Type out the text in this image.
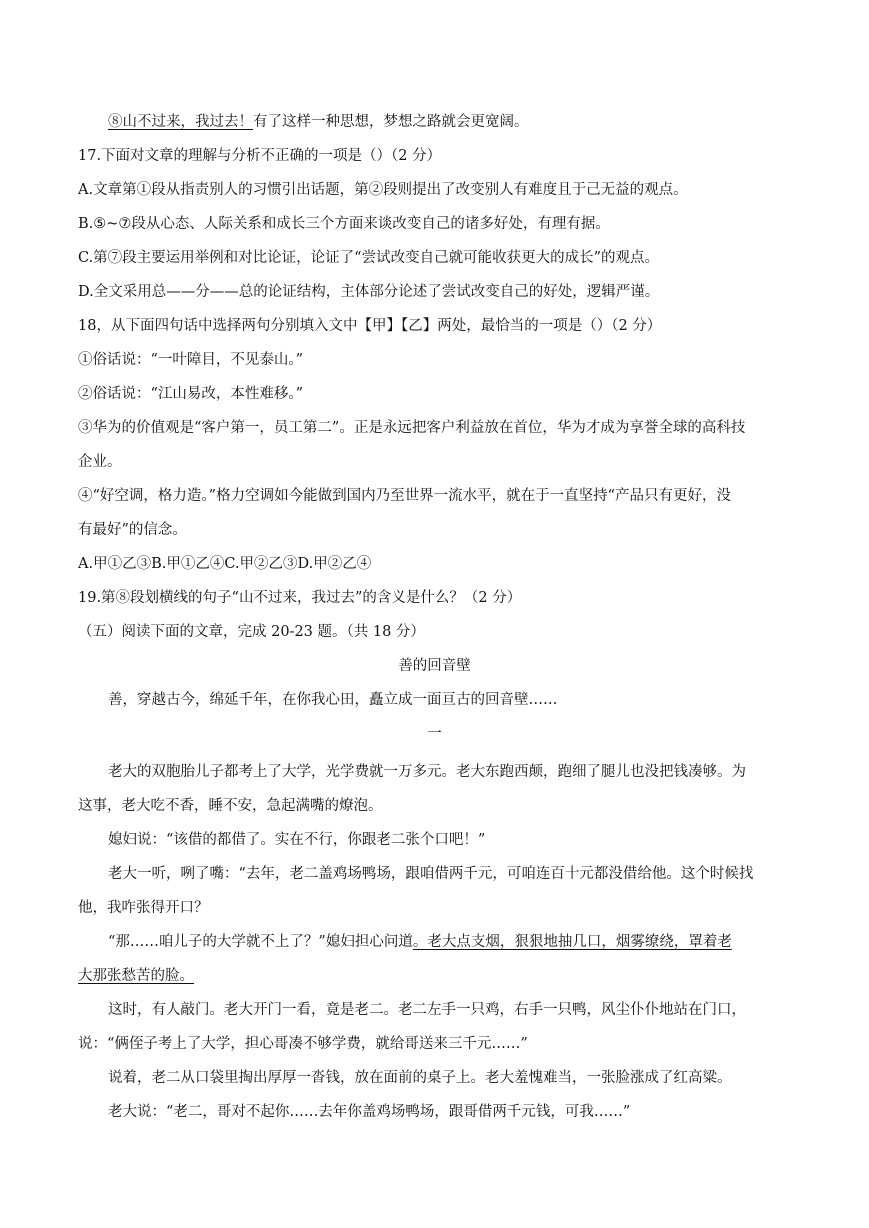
⑧山不过来，我过去！有了这样一种思想，梦想之路就会更宽阔。
17.下面对文章的理解与分析不正确的一项是（）（2 分）
A.文章第①段从指责别人的习惯引出话题，第②段则提出了改变别人有难度且于己无益的观点。
B.⑤~⑦段从心态、人际关系和成长三个方面来谈改变自己的诸多好处，有理有据。
C.第⑦段主要运用举例和对比论证，论证了“尝试改变自己就可能收获更大的成长”的观点。
D.全文采用总——分——总的论证结构，主体部分论述了尝试改变自己的好处，逻辑严谨。
18，从下面四句话中选择两句分别填入文中【甲】【乙】两处，最恰当的一项是（）（2 分）
①俗话说：“一叶障目，不见泰山。”
②俗话说：“江山易改，本性难移。”
③华为的价值观是“客户第一，员工第二”。正是永远把客户利益放在首位，华为才成为享誉全球的高科技
企业。
④“好空调，格力造。”格力空调如今能做到国内乃至世界一流水平，就在于一直坚持“产品只有更好，没
有最好”的信念。
A.甲①乙③B.甲①乙④C.甲②乙③D.甲②乙④
19.第⑧段划横线的句子“山不过来，我过去”的含义是什么？（2 分）
（五）阅读下面的文章，完成 20-23 题。（共 18 分）
善的回音壁
善，穿越古今，绵延千年，在你我心田，矗立成一面亘古的回音壁……
一
老大的双胞胎儿子都考上了大学，光学费就一万多元。老大东跑西颠，跑细了腿儿也没把钱凑够。为
这事，老大吃不香，睡不安，急起满嘴的燎泡。
媳妇说：“该借的都借了。实在不行，你跟老二张个口吧！”
老大一听，咧了嘴：“去年，老二盖鸡场鸭场，跟咱借两千元，可咱连百十元都没借给他。这个时候找
他，我咋张得开口？
“那……咱儿子的大学就不上了？”媳妇担心问道。老大点支烟，狠狠地抽几口，烟雾缭绕，罩着老
大那张愁苦的脸。
这时，有人敲门。老大开门一看，竟是老二。老二左手一只鸡，右手一只鸭，风尘仆仆地站在门口，
说：“俩侄子考上了大学，担心哥凑不够学费，就给哥送来三千元……”
说着，老二从口袋里掏出厚厚一沓钱，放在面前的桌子上。老大羞愧难当，一张脸涨成了红高粱。
老大说：“老二，哥对不起你……去年你盖鸡场鸭场，跟哥借两千元钱，可我……”
